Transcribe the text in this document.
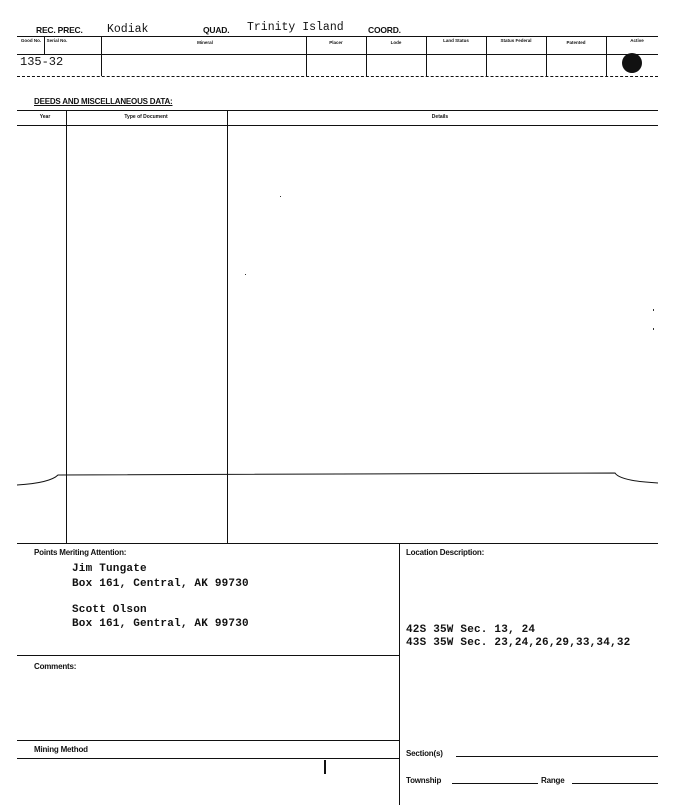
REC. PREC. Kodiak	QUAD. Trinity Island	COORD.
Good No. Serial No.	Mineral	Placer	Lode	Land Status	Status Federal	Patented	Active
135-32
DEEDS AND MISCELLANEOUS DATA:
Year	Type of Document	Details
Points Meriting Attention:
Jim Tungate
Box 161, Central, AK 99730
Scott Olson
Box 161, Gentral, AK 99730
Location Description:
42S 35W Sec. 13, 24
43S 35W Sec. 23,24,26,29,33,34,32
Comments:
Mining Method	Section(s)
Township	Range
